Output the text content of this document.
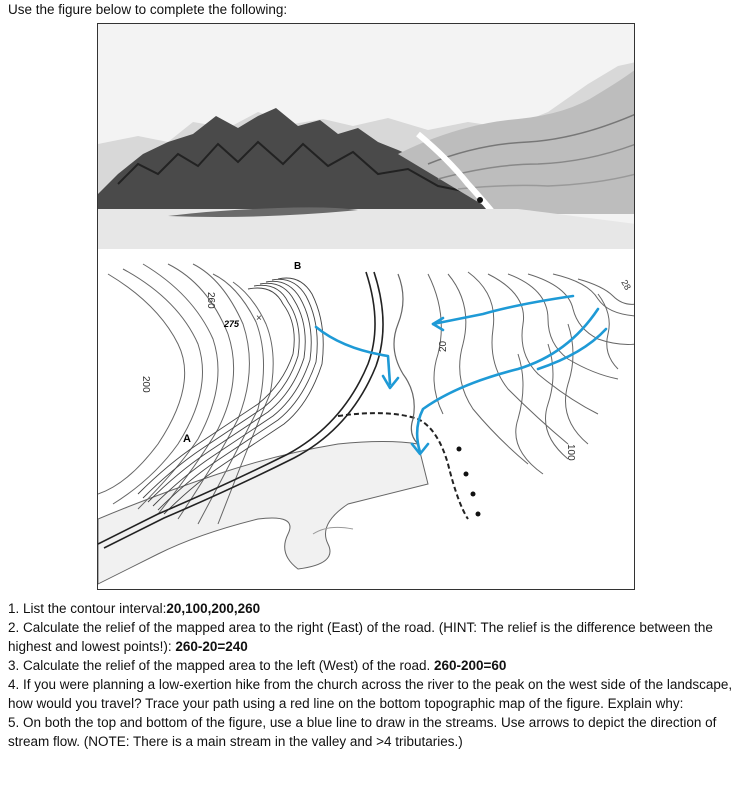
Use the figure below to complete the following:
B
A
275 ×
260
200
20
100
28

1. List the contour interval:20,100,200,260

2. Calculate the relief of the mapped area to the right (East) of the road. (HINT: The relief is the difference between the highest and lowest points!): 260-20=240

3. Calculate the relief of the mapped area to the left (West) of the road. 260-200=60

4. If you were planning a low-exertion hike from the church across the river to the peak on the west side of the landscape, how would you travel? Trace your path using a red line on the bottom topographic map of the figure. Explain why:

5. On both the top and bottom of the figure, use a blue line to draw in the streams. Use arrows to depict the direction of stream flow. (NOTE: There is a main stream in the valley and >4 tributaries.)
